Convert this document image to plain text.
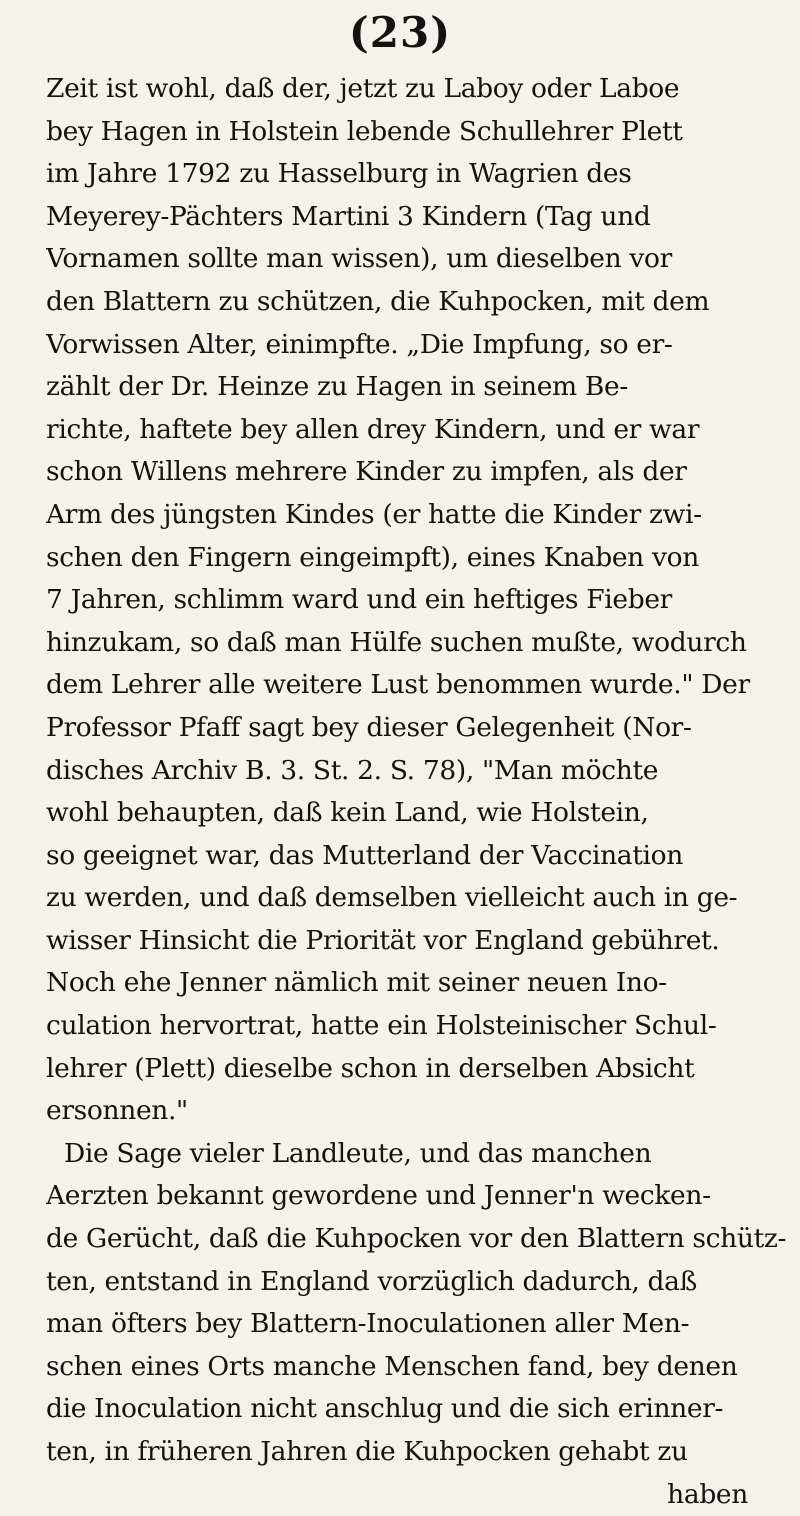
(23)
Zeit ist wohl, daß der, jetzt zu Laboy oder Laboe
bey Hagen in Holstein lebende Schullehrer Plett
im Jahre 1792 zu Hasselburg in Wagrien des
Meyerey-Pächters Martini 3 Kindern (Tag und
Vornamen sollte man wissen), um dieselben vor
den Blattern zu schützen, die Kuhpocken, mit dem
Vorwissen Alter, einimpfte. „Die Impfung, so er-
zählt der Dr. Heinze zu Hagen in seinem Be-
richte, haftete bey allen drey Kindern, und er war
schon Willens mehrere Kinder zu impfen, als der
Arm des jüngsten Kindes (er hatte die Kinder zwi-
schen den Fingern eingeimpft), eines Knaben von
7 Jahren, schlimm ward und ein heftiges Fieber
hinzukam, so daß man Hülfe suchen mußte, wodurch
dem Lehrer alle weitere Lust benommen wurde." Der
Professor Pfaff sagt bey dieser Gelegenheit (Nor-
disches Archiv B. 3. St. 2. S. 78), "Man möchte
wohl behaupten, daß kein Land, wie Holstein,
so geeignet war, das Mutterland der Vaccination
zu werden, und daß demselben vielleicht auch in ge-
wisser Hinsicht die Priorität vor England gebühret.
Noch ehe Jenner nämlich mit seiner neuen Ino-
culation hervortrat, hatte ein Holsteinischer Schul-
lehrer (Plett) dieselbe schon in derselben Absicht
ersonnen."
Die Sage vieler Landleute, und das manchen
Aerzten bekannt gewordene und Jenner'n wecken-
de Gerücht, daß die Kuhpocken vor den Blattern schütz-
ten, entstand in England vorzüglich dadurch, daß
man öfters bey Blattern-Inoculationen aller Men-
schen eines Orts manche Menschen fand, bey denen
die Inoculation nicht anschlug und die sich erinner-
ten, in früheren Jahren die Kuhpocken gehabt zu
haben
